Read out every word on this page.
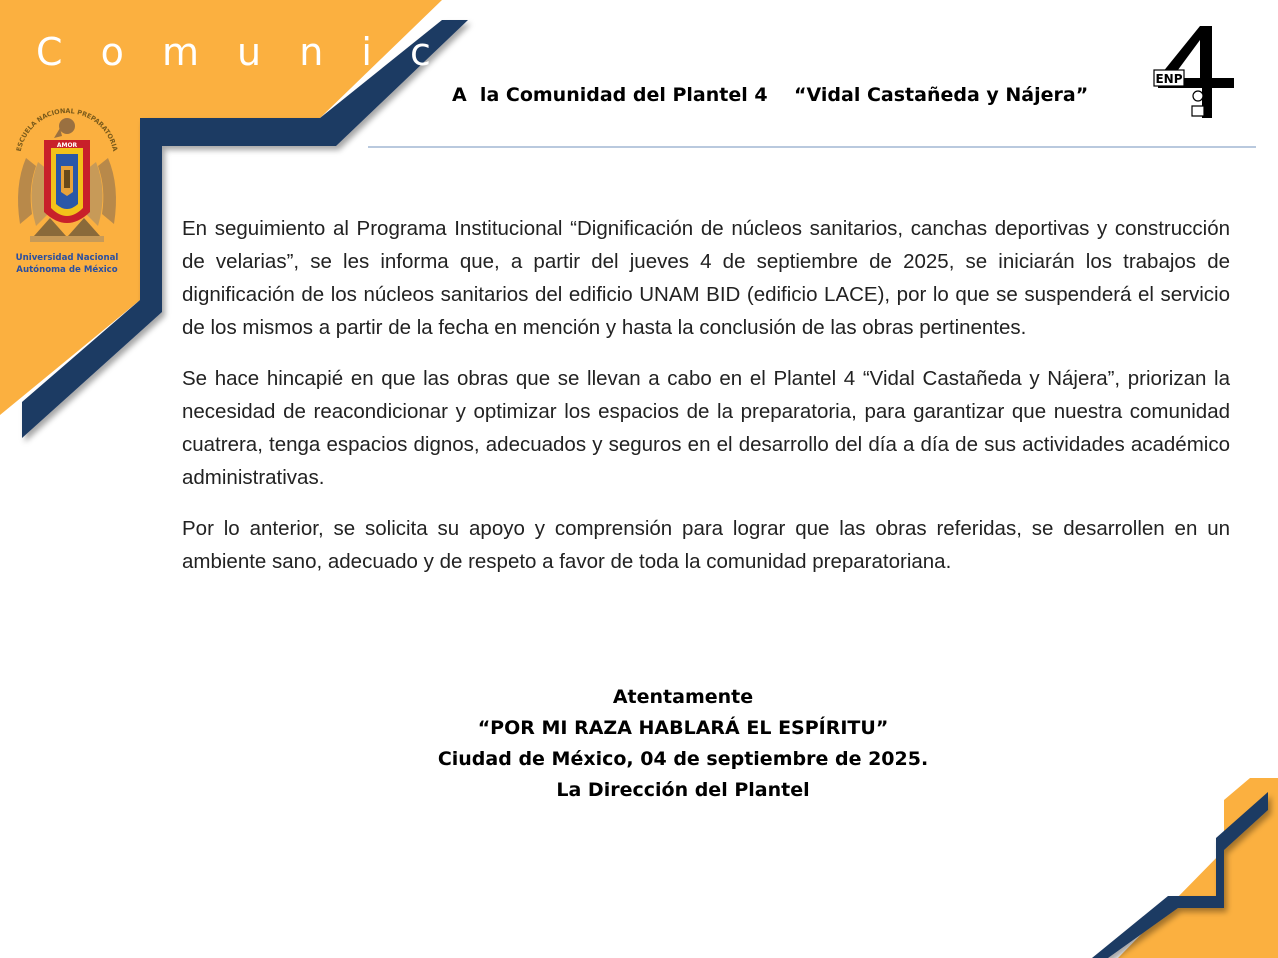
C o m u n i c a d o
A  la Comunidad del Plantel 4    “Vidal Castañeda y Nájera”
ESCUELA NACIONAL PREPARATORIA
AMOR
Universidad Nacional
Autónoma de México
ENP

En seguimiento al Programa Institucional “Dignificación de núcleos sanitarios, canchas deportivas y construcción de velarias”, se les informa que, a partir del jueves 4 de septiembre de 2025, se iniciarán los trabajos de dignificación de los núcleos sanitarios del edificio UNAM BID (edificio LACE), por lo que se suspenderá el servicio de los mismos a partir de la fecha en mención y hasta la conclusión de las obras pertinentes.

Se hace hincapié en que las obras que se llevan a cabo en el Plantel 4 “Vidal Castañeda y Nájera”, priorizan la necesidad de reacondicionar y optimizar los espacios de la preparatoria, para garantizar que nuestra comunidad cuatrera, tenga espacios dignos, adecuados y seguros en el desarrollo del día a día de sus actividades académico administrativas.

Por lo anterior, se solicita su apoyo y comprensión para lograr que las obras referidas, se desarrollen en un ambiente sano, adecuado y de respeto a favor de toda la comunidad preparatoriana.

Atentamente
“POR MI RAZA HABLARÁ EL ESPÍRITU”
Ciudad de México, 04 de septiembre de 2025.
La Dirección del Plantel
